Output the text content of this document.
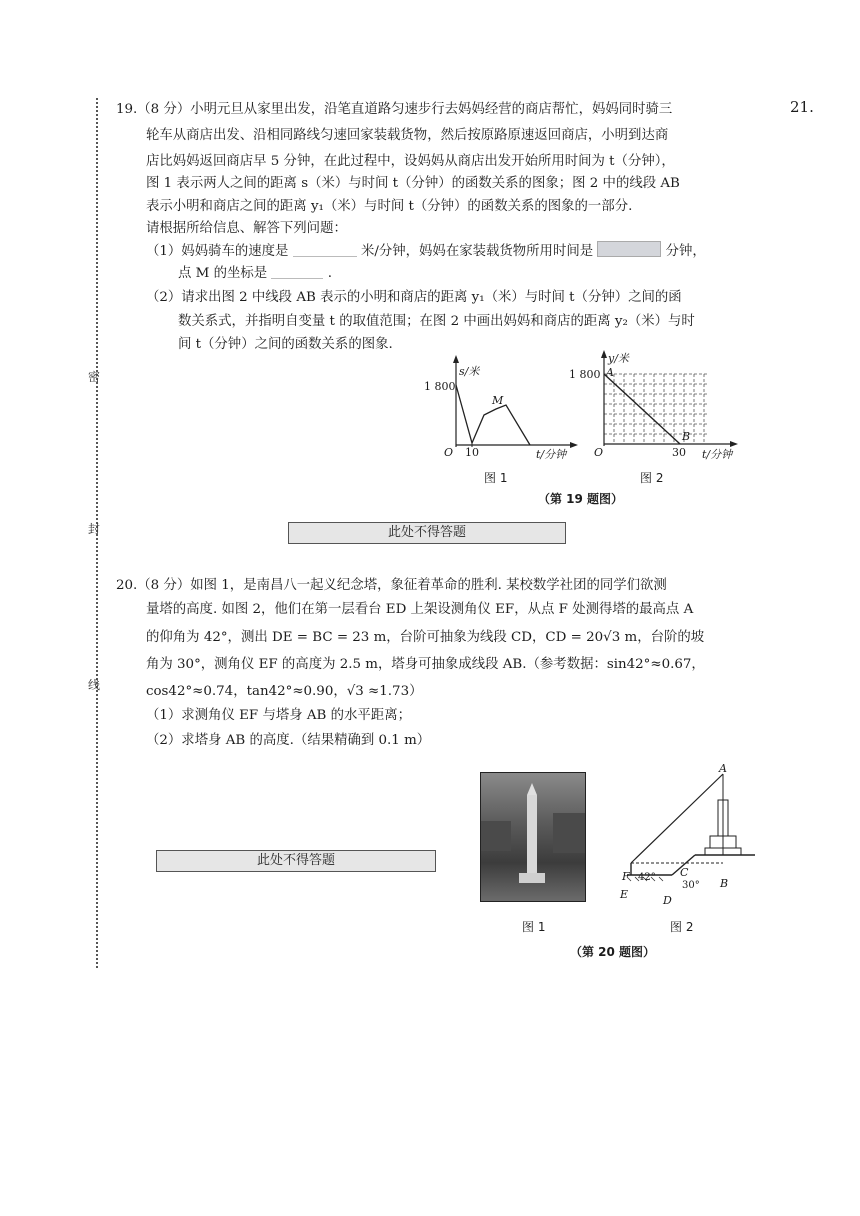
密
封
线
21.
19.（8 分）小明元旦从家里出发，沿笔直道路匀速步行去妈妈经营的商店帮忙，妈妈同时骑三
轮车从商店出发、沿相同路线匀速回家装载货物，然后按原路原速返回商店，小明到达商
店比妈妈返回商店早 5 分钟，在此过程中，设妈妈从商店出发开始所用时间为 t（分钟），
图 1 表示两人之间的距离 s（米）与时间 t（分钟）的函数关系的图象；图 2 中的线段 AB
表示小明和商店之间的距离 y₁（米）与时间 t（分钟）的函数关系的图象的一部分.
请根据所给信息、解答下列问题：
（1）妈妈骑车的速度是	米/分钟，妈妈在家装载货物所用时间是	分钟，
点 M 的坐标是	.
（2）请求出图 2 中线段 AB 表示的小明和商店的距离 y₁（米）与时间 t（分钟）之间的函
数关系式，并指明自变量 t 的取值范围；在图 2 中画出妈妈和商店的距离 y₂（米）与时
间 t（分钟）之间的函数关系的图象.
s/米
1 800
M
O 10	t/分钟
图 1
y/米
1 800 A
B
O	30 t/分钟
图 2
（第 19 题图）
此处不得答题
20.（8 分）如图 1，是南昌八一起义纪念塔，象征着革命的胜利. 某校数学社团的同学们欲测
量塔的高度. 如图 2，他们在第一层看台 ED 上架设测角仪 EF，从点 F 处测得塔的最高点 A
的仰角为 42°，测出 DE = BC = 23 m，台阶可抽象为线段 CD，CD = 20√3 m，台阶的坡
角为 30°，测角仪 EF 的高度为 2.5 m，塔身可抽象成线段 AB.（参考数据：sin42°≈0.67，
cos42°≈0.74，tan42°≈0.90，√3 ≈1.73）
（1）求测角仪 EF 与塔身 AB 的水平距离；
（2）求塔身 AB 的高度.（结果精确到 0.1 m）
此处不得答题
图 1
A
F 42°
E	D
C
30° B
图 2
（第 20 题图）
